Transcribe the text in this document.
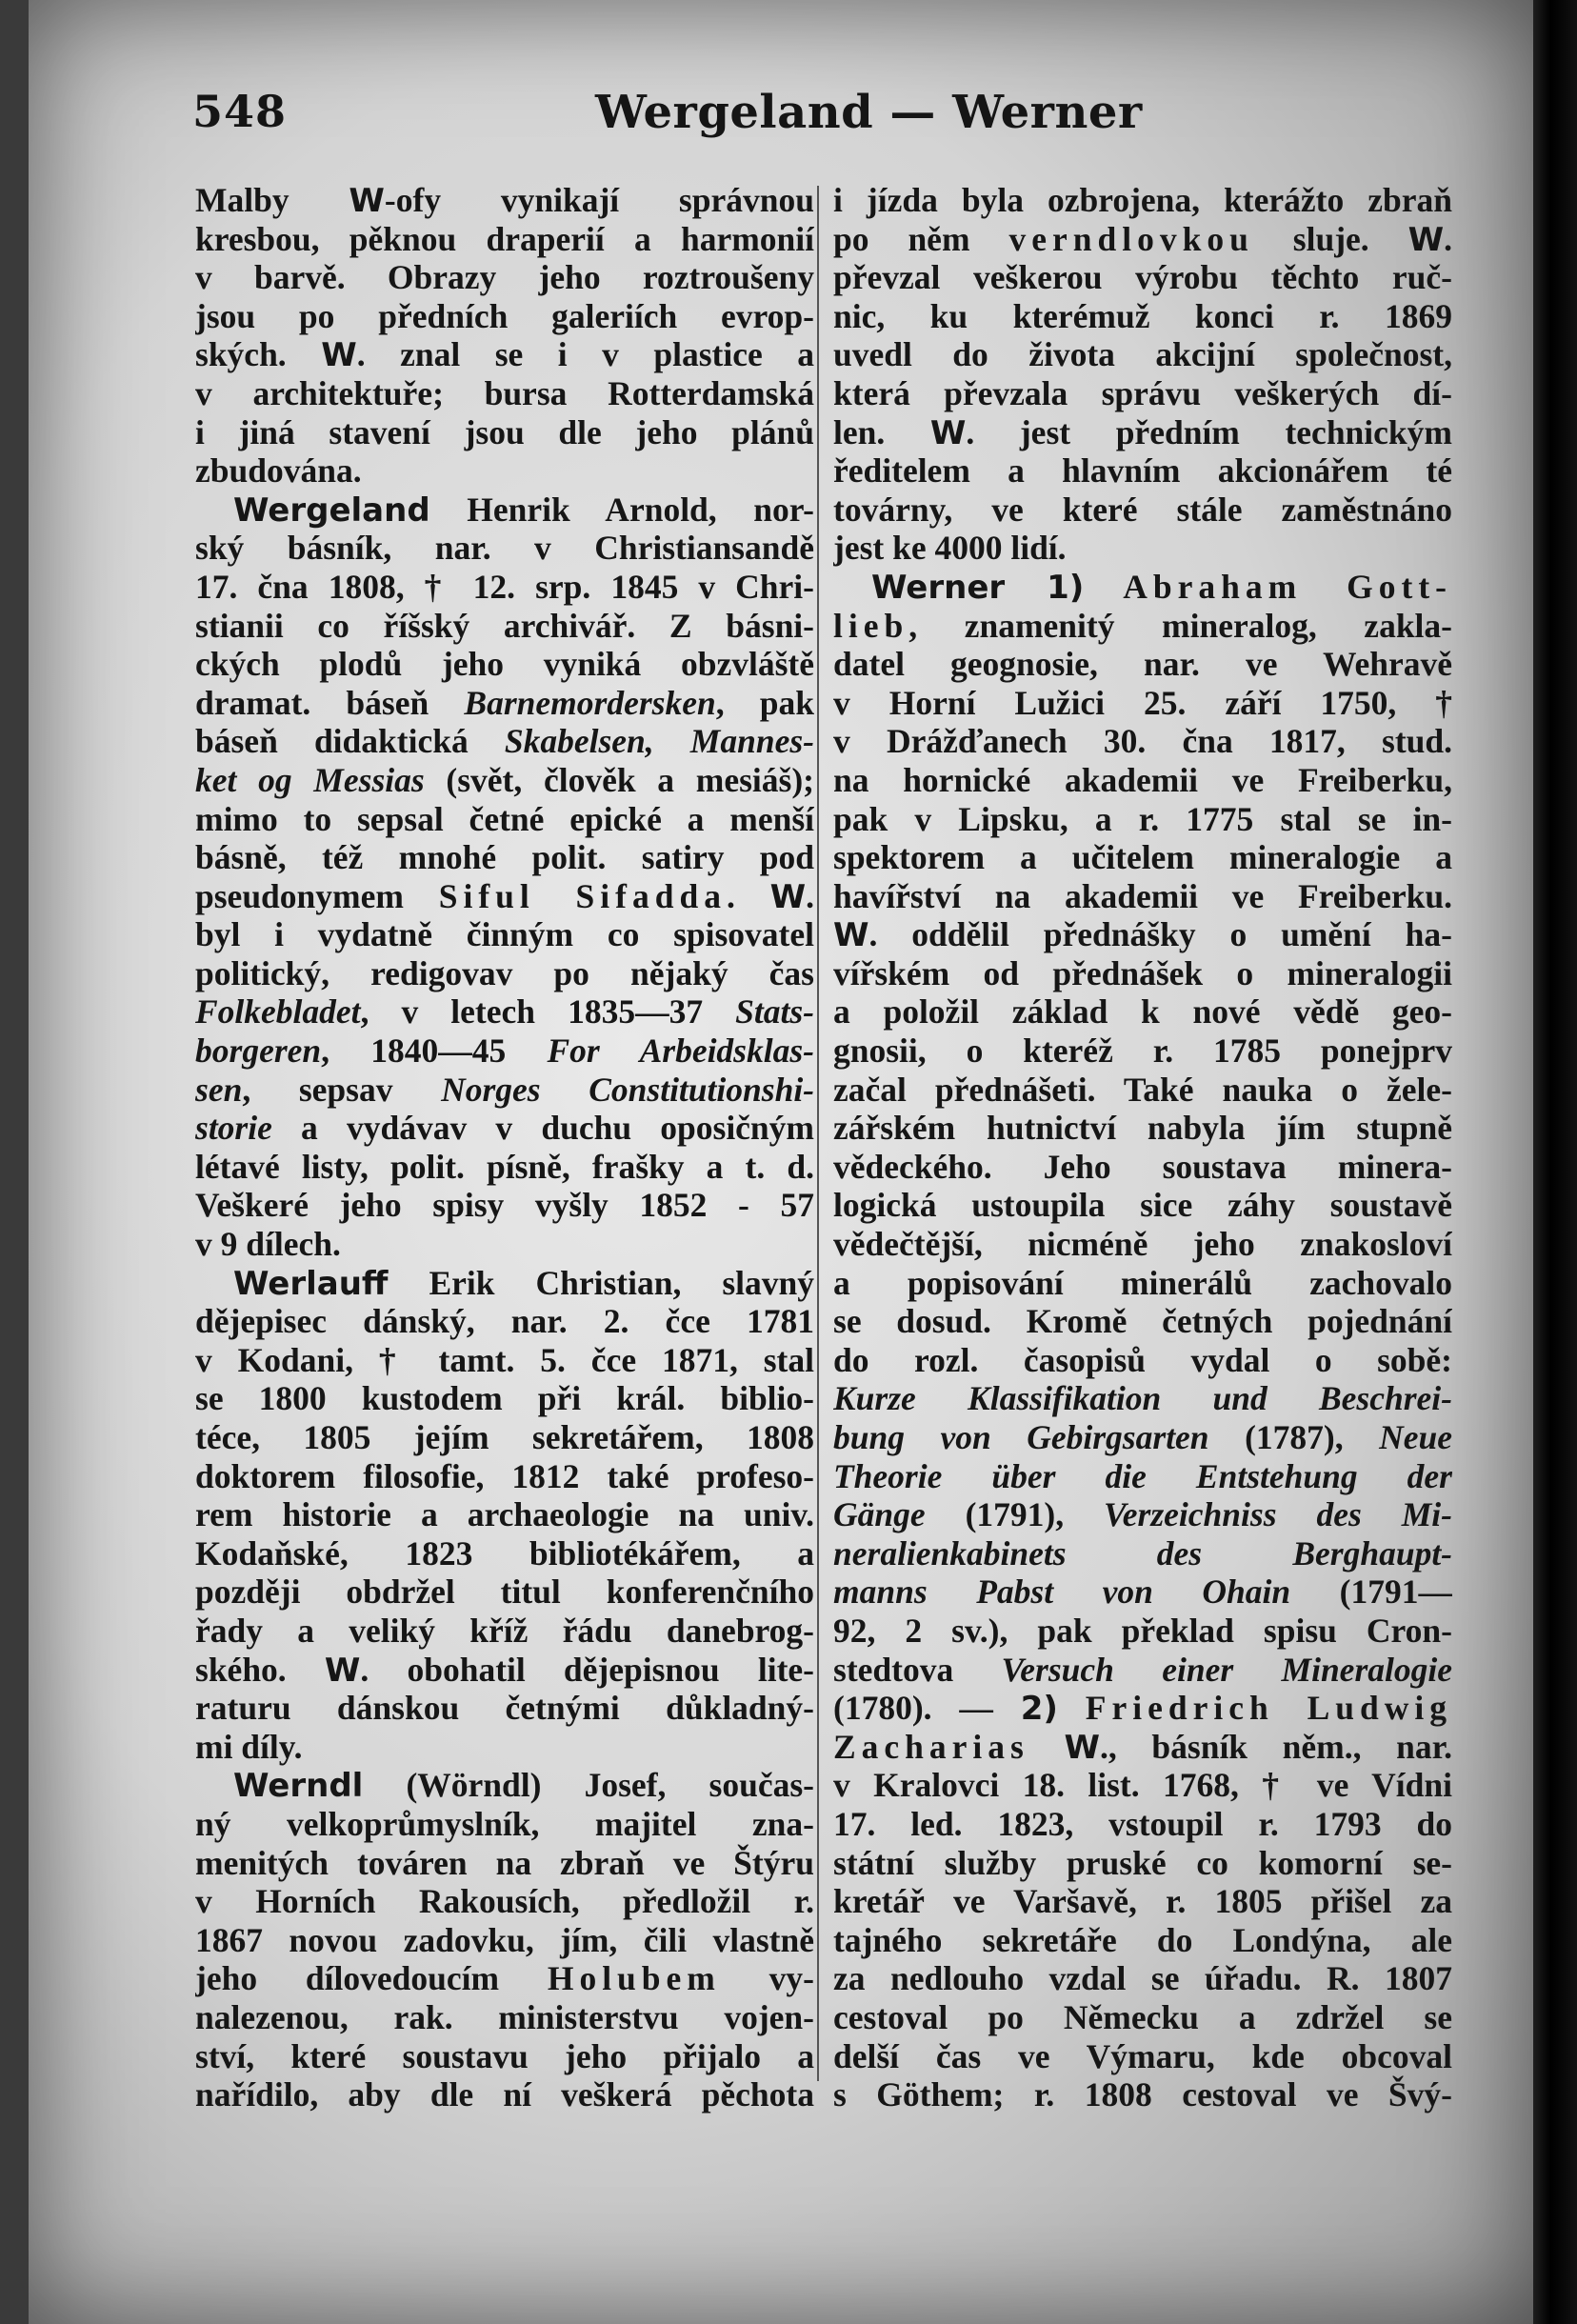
548	Wergeland — Werner
Malby W-ofy vynikají správnou
kresbou, pěknou draperií a harmonií
v barvě. Obrazy jeho roztroušeny
jsou po předních galeriích evrop-
ských. W. znal se i v plastice a
v architektuře; bursa Rotterdamská
i jiná stavení jsou dle jeho plánů
zbudována.
Wergeland Henrik Arnold, nor-
ský básník, nar. v Christiansandě
17. čna 1808, † 12. srp. 1845 v Chri-
stianii co říšský archivář. Z básni-
ckých plodů jeho vyniká obzvláště
dramat. báseň Barnemordersken, pak
báseň didaktická Skabelsen, Mannes-
ket og Messias (svět, člověk a mesiáš);
mimo to sepsal četné epické a menší
básně, též mnohé polit. satiry pod
pseudonymem Siful Sifadda. W.
byl i vydatně činným co spisovatel
politický, redigovav po nějaký čas
Folkebladet, v letech 1835—37 Stats-
borgeren, 1840—45 For Arbeidsklas-
sen, sepsav Norges Constitutionshi-
storie a vydávav v duchu oposičným
létavé listy, polit. písně, frašky a t. d.
Veškeré jeho spisy vyšly 1852 - 57
v 9 dílech.
Werlauff Erik Christian, slavný
dějepisec dánský, nar. 2. čce 1781
v Kodani, † tamt. 5. čce 1871, stal
se 1800 kustodem při král. biblio-
téce, 1805 jejím sekretářem, 1808
doktorem filosofie, 1812 také profeso-
rem historie a archaeologie na univ.
Kodaňské, 1823 bibliotékářem, a
později obdržel titul konferenčního
řady a veliký kříž řádu danebrog-
ského. W. obohatil dějepisnou lite-
raturu dánskou četnými důkladný-
mi díly.
Werndl (Wörndl) Josef, součas-
ný velkoprůmyslník, majitel zna-
menitých továren na zbraň ve Štýru
v Horních Rakousích, předložil r.
1867 novou zadovku, jím, čili vlastně
jeho dílovedoucím Holubem vy-
nalezenou, rak. ministerstvu vojen-
ství, které soustavu jeho přijalo a
nařídilo, aby dle ní veškerá pěchota
i jízda byla ozbrojena, kterážto zbraň
po něm verndlovkou sluje. W.
převzal veškerou výrobu těchto ruč-
nic, ku kterémuž konci r. 1869
uvedl do života akcijní společnost,
která převzala správu veškerých dí-
len. W. jest předním technickým
ředitelem a hlavním akcionářem té
továrny, ve které stále zaměstnáno
jest ke 4000 lidí.
Werner 1) Abraham Gott-
lieb, znamenitý mineralog, zakla-
datel geognosie, nar. ve Wehravě
v Horní Lužici 25. září 1750, †
v Drážďanech 30. čna 1817, stud.
na hornické akademii ve Freiberku,
pak v Lipsku, a r. 1775 stal se in-
spektorem a učitelem mineralogie a
havířství na akademii ve Freiberku.
W. oddělil přednášky o umění ha-
vířském od přednášek o mineralogii
a položil základ k nové vědě geo-
gnosii, o kteréž r. 1785 ponejprv
začal přednášeti. Také nauka o žele-
zářském hutnictví nabyla jím stupně
vědeckého. Jeho soustava minera-
logická ustoupila sice záhy soustavě
vědečtější, nicméně jeho znakosloví
a popisování minerálů zachovalo
se dosud. Kromě četných pojednání
do rozl. časopisů vydal o sobě:
Kurze Klassifikation und Beschrei-
bung von Gebirgsarten (1787), Neue
Theorie über die Entstehung der
Gänge (1791), Verzeichniss des Mi-
neralienkabinets des Berghaupt-
manns Pabst von Ohain (1791—
92, 2 sv.), pak překlad spisu Cron-
stedtova Versuch einer Mineralogie
(1780). — 2) Friedrich Ludwig
Zacharias W., básník něm., nar.
v Kralovci 18. list. 1768, † ve Vídni
17. led. 1823, vstoupil r. 1793 do
státní služby pruské co komorní se-
kretář ve Varšavě, r. 1805 přišel za
tajného sekretáře do Londýna, ale
za nedlouho vzdal se úřadu. R. 1807
cestoval po Německu a zdržel se
delší čas ve Výmaru, kde obcoval
s Göthem; r. 1808 cestoval ve Švý-
